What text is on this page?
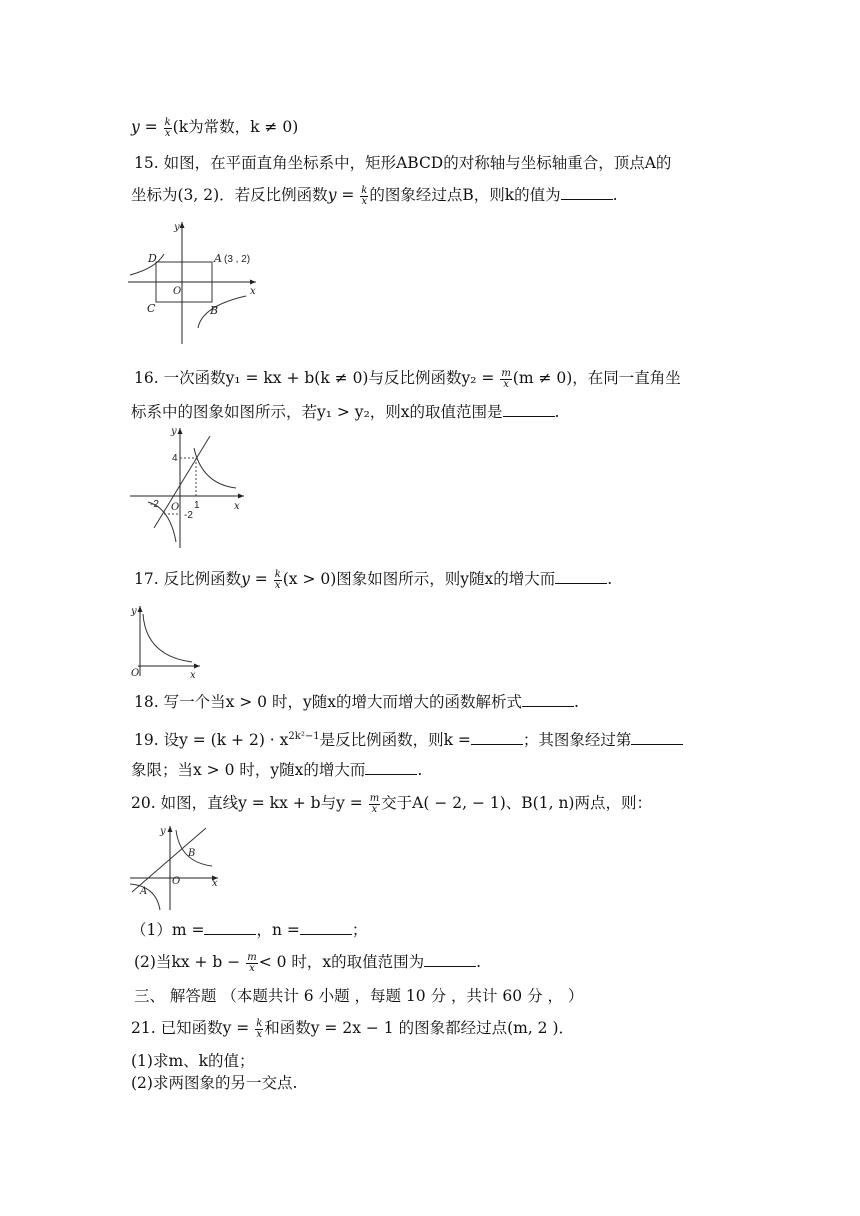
$y = \frac{k}{x} (k$为常数，k ≠ 0)
15. 如图，在平面直角坐标系中，矩形ABCD的对称轴与坐标轴重合，顶点A的
坐标为(3, 2)．若反比例函数$y = \frac{k}{x}$ 的图象经过点B，则k的值为	.
y
D	A (3 , 2)
O	x
C	B
16. 一次函数y₁ = kx + b(k ≠ 0)与反比例函数$y_2 = \frac{m}{x} (m \ne 0)$，在同一直角坐
标系中的图象如图所示，若y₁ > y₂，则x的取值范围是	.
y
4
-2 O 1
-2
x
17. 反比例函数$y = \frac{k}{x} (x > 0)$图象如图所示，则y随x的增大而	.
y
O	x
18. 写一个当x > 0 时，y随x的增大而增大的函数解析式	.
19. 设$y = (k + 2) \cdot x^{2k^2-1}$是反比例函数，则k =	；其图象经过第
象限；当x > 0 时，y随x的增大而	.
20. 如图，直线y = kx + b与$y = \frac{m}{x}$ 交于A( − 2, − 1)、B(1, n)两点，则：
y
B
O	x
A
（1）m =	，n =	；
(2)当kx + $b - \frac{m}{x} < 0$ 时，x的取值范围为	.
三、 解答题 （本题共计 6 小题 ，每题 10 分 ，共计 60 分 ， ）
21. 已知函数$y = \frac{k}{x}$ 和函数y = 2x − 1 的图象都经过点(m, 2 )．
(1)求m、k的值；
(2)求两图象的另一交点.
